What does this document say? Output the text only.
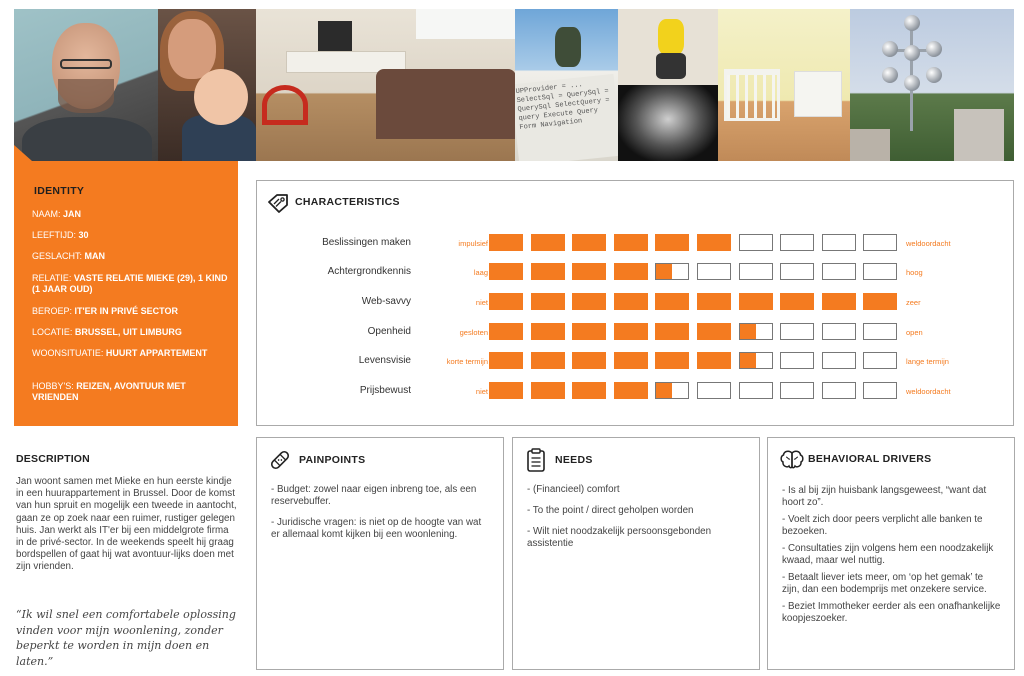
UPProvider = ... SelectSql = QuerySql = QuerySql SelectQuery = query Execute Query Form Navigation
IDENTITY
NAAM: JAN
LEEFTIJD: 30
GESLACHT: MAN
RELATIE: VASTE RELATIE MIEKE (29), 1 KIND (1 JAAR OUD)
BEROEP: IT'ER IN PRIVÉ SECTOR
LOCATIE: BRUSSEL, UIT LIMBURG
WOONSITUATIE: HUURT APPARTEMENT
HOBBY'S: REIZEN, AVONTUUR MET VRIENDEN
DESCRIPTION
Jan woont samen met Mieke en hun eerste kindje in een huurappartement in Brussel. Door de komst van hun spruit en mogelijk een tweede in aantocht, gaan ze op zoek naar een ruimer, rustiger gelegen huis. Jan werkt als IT'er bij een middelgrote firma in de privé-sector. In de weekends speelt hij graag bordspellen of gaat hij wat avontuur-lijks doen met zijn vrienden.
“Ik wil snel een comfortabele oplossing vinden voor mijn woonlening, zonder beperkt te worden in mijn doen en laten.”
CHARACTERISTICS
Beslissingen maken	impulsief	weldoordacht
Achtergrondkennis	laag	hoog
Web-savvy	niet	zeer
Openheid	gesloten	open
Levensvisie	korte termijn	lange termijn
Prijsbewust	niet	weldoordacht
PAINPOINTS
- Budget: zowel naar eigen inbreng toe, als een reservebuffer.
- Juridische vragen: is niet op de hoogte van wat er allemaal komt kijken bij een woonlening.
NEEDS
- (Financieel) comfort
- To the point / direct geholpen worden
- Wilt niet noodzakelijk persoonsgebonden assistentie
BEHAVIORAL DRIVERS
- Is al bij zijn huisbank langsgeweest, “want dat hoort zo”.
- Voelt zich door peers verplicht alle banken te bezoeken.
- Consultaties zijn volgens hem een noodzakelijk kwaad, maar wel nuttig.
- Betaalt liever iets meer, om ‘op het gemak’ te zijn, dan een bodemprijs met onzekere service.
- Beziet Immotheker eerder als een onafhankelijke koopjeszoeker.
